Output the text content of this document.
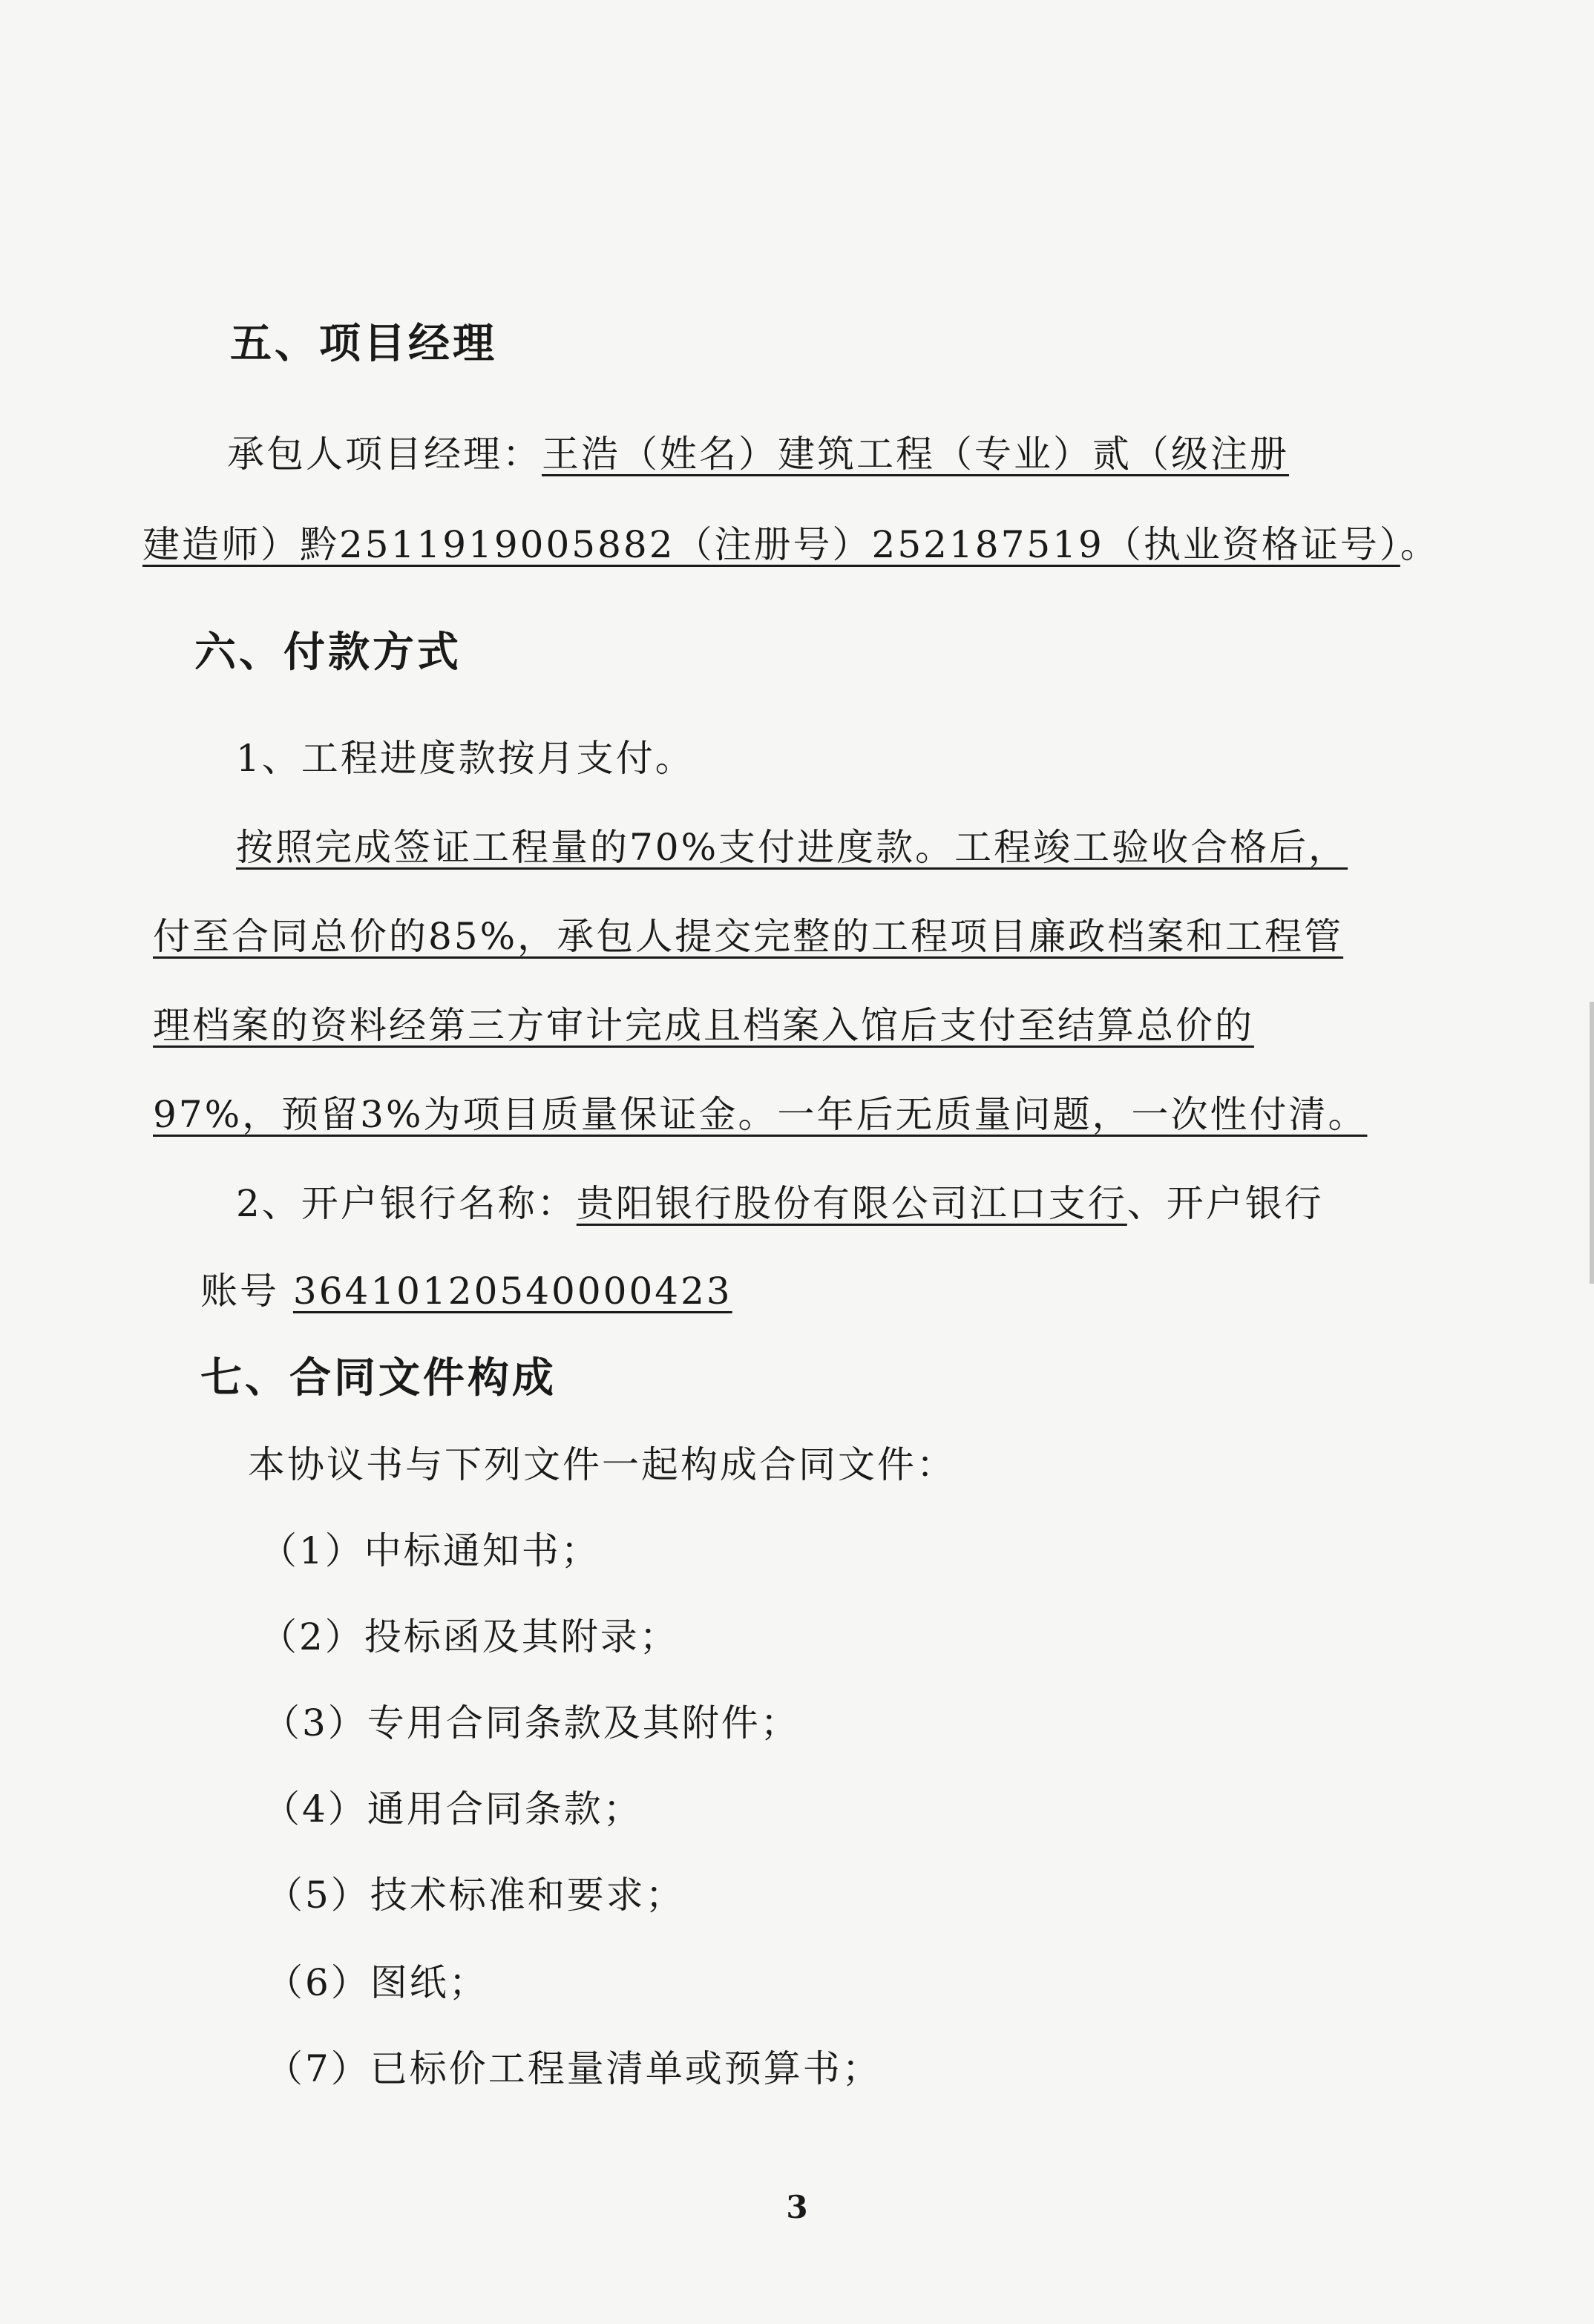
五、项目经理
承包人项目经理：王浩（姓名）建筑工程（专业）贰（级注册
建造师）黔2511919005882（注册号）252187519（执业资格证号）。
六、付款方式
1、工程进度款按月支付。
按照完成签证工程量的70%支付进度款。工程竣工验收合格后，
付至合同总价的85%，承包人提交完整的工程项目廉政档案和工程管
理档案的资料经第三方审计完成且档案入馆后支付至结算总价的
97%，预留3%为项目质量保证金。一年后无质量问题，一次性付清。
2、开户银行名称：贵阳银行股份有限公司江口支行、开户银行
账号 36410120540000423
七、合同文件构成
本协议书与下列文件一起构成合同文件：
（1）中标通知书；
（2）投标函及其附录；
（3）专用合同条款及其附件；
（4）通用合同条款；
（5）技术标准和要求；
（6）图纸；
（7）已标价工程量清单或预算书；
3
